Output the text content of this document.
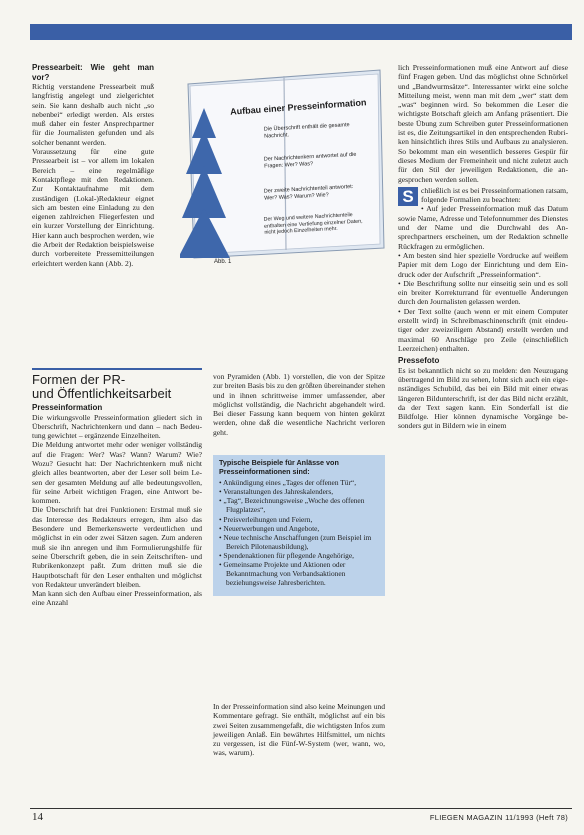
Pressearbeit: Wie geht man vor?

Richtig verstandene Pressearbeit muß langfristig angelegt und zielgerichtet sein. Sie kann deshalb auch nicht „so nebenbei“ erledigt werden. Als erstes muß daher ein fester Ansprechpartner für die Journalisten gefunden und als solcher benannt werden.

Voraussetzung für eine gute Pressearbeit ist – vor allem im lokalen Bereich – eine regelmäßige Kontaktpflege mit den Redaktionen. Zur Kontaktaufnahme mit dem zuständigen (Lokal-)Redakteur eignet sich am besten eine Einladung zu den eigenen zahlreichen Fliegerfesten und ein kurzer Vorstellung der Einrichtung. Hier kann auch besprochen werden, wie die Arbeit der Redaktion beispielsweise durch vorbereitete Pressemitteilungen erleichtert werden kann (Abb. 2).

Formen der PR-

und Öffentlichkeitsarbeit

Presseinformation

Die wirkungsvolle Presseinformation gliedert sich in Überschrift, Nachrichtenkern und dann – nach Bedeutung gewichtet – ergänzende Einzelheiten.

Die Meldung antwortet mehr oder weniger vollständig auf die Fragen: Wer? Was? Wann? Warum? Wie? Wozu? Gesucht hat: Der Nachrichtenkern muß nicht gleich alles beantworten, aber der Leser soll beim Lesen der gesamten Meldung auf alle bedeutungsvollen, für seine Arbeit wichtigen Fragen, eine Antwort bekommen.

Die Überschrift hat drei Funktionen: Erstmal muß sie das Interesse des Redakteurs erregen, ihm also das Besondere und Bemerkenswerte verdeutlichen und möglichst in ein oder zwei Sätzen sagen. Zum anderen muß sie ihn anregen und ihm Formulierungshilfe für seine Überschrift geben, die in sein Zeitschriften- und Rubrikenkonzept paßt. Zum dritten muß sie die Hauptbotschaft für den Leser enthalten und möglichst von Redakteur unverändert bleiben.

Man kann sich den Aufbau einer Presseinformation, als eine Anzahl

Aufbau einer Presseinformation
Die Überschrift enthält die gesamte Nachricht.
Der Nachrichtenkern antwortet auf die Fragen: Wer? Was?
Der zweite Nachrichtenteil antwortet: Wer? Was? Warum? Wie?
Der Weg und weitere Nachrichtenteile enthalten eine Vertiefung einzelner Daten, nicht jedoch Einzelheiten mehr.
Abb. 1

von Pyramiden (Abb. 1) vorstellen, die von der Spitze zur breiten Basis bis zu den größten übereinander stehen und in ihnen schrittweise immer umfassender, aber möglichst vollständig, die Nachricht abgehandelt wird. Bei dieser Fassung kann bequem von hinten gekürzt werden, ohne daß die wesentliche Nachricht verloren geht.

Typische Beispiele für Anlässe von Presseinformationen sind:
• Ankündigung eines „Tages der offenen Tür“,
• Veranstaltungen des Jahreskalenders,
• „Tag“, Bezeichnungsweise „Woche des offenen Flugplatzes“,
• Preisverleihungen und Feiern,
• Neuerwerbungen und Angebote,
• Neue technische Anschaffungen (zum Beispiel im Bereich Pilotenausbildung),
• Spendenaktionen für pflegende Angehörige,
• Gemeinsame Projekte und Aktionen oder Bekanntmachung von Verbandsaktionen beziehungsweise Jahresberichten.

In der Presseinformation sind also keine Meinungen und Kommentare gefragt. Sie enthält, möglichst auf ein bis zwei Seiten zusammengefaßt, die wichtigsten Infos zum jeweiligen Anlaß. Ein bewährtes Hilfsmittel, um nichts zu vergessen, ist die Fünf-W-System (wer, wann, wo, was, warum).

lich Presseinformationen muß eine Antwort auf diese fünf Fragen geben. Und das möglichst ohne Schnörkel und „Bandwurmsätze“. Interessanter wirkt eine solche Mitteilung meist, wenn man mit dem „wer“ statt dem „was“ beginnen wird. So bekommen die Leser die wichtigste Botschaft gleich am Anfang präsentiert. Die beste Übung zum Schreiben guter Presseinformationen ist es, die Zeitungsartikel in den entsprechenden Rubriken hinsichtlich ihres Stils und Aufbaus zu analysieren. So bekommt man ein wesentlich besseres Gespür für dieses Medium der Fremeinheit und nicht zuletzt auch für den Stil der jeweiligen Redaktionen, die angesprochen werden sollen.

S chließlich ist es bei Presseinformationen ratsam, folgende Formalien zu beachten:

• Auf jeder Presseinformation muß das Datum sowie Name, Adresse und Telefonnummer des Dienstes und der Name und die Durchwahl des Ansprechpartners erscheinen, um der Redaktion schnelle Rückfragen zu ermöglichen.

• Am besten sind hier spezielle Vordrucke auf weißem Papier mit dem Logo der Einrichtung und dem Eindruck oder der Aufschrift „Presseinformation“.

• Die Beschriftung sollte nur einseitig sein und es soll ein breiter Korrekturrand für eventuelle Änderungen durch den Journalisten gelassen werden.

• Der Text sollte (auch wenn er mit einem Computer erstellt wird) in Schreibmaschinenschrift (mit eindeutiger oder zweizeiligem Abstand) erstellt werden und maximal 60 Anschläge pro Zeile (einschließlich Leerzeichen) enthalten.

Pressefoto

Es ist bekanntlich nicht so zu melden: den Neuzugang übertragend im Bild zu sehen, lohnt sich auch ein eigenständiges Schubild, das bei ein Bild mit einer etwas längeren Bildunterschrift, ist der das Bild nicht erzählt, da der Text sagen kann. Ein Sonderfall ist die Bildfolge. Hier können dynamische Vorgänge besonders gut in Bildern wie in einem

14	FLIEGEN MAGAZIN 11/1993 (Heft 78)
